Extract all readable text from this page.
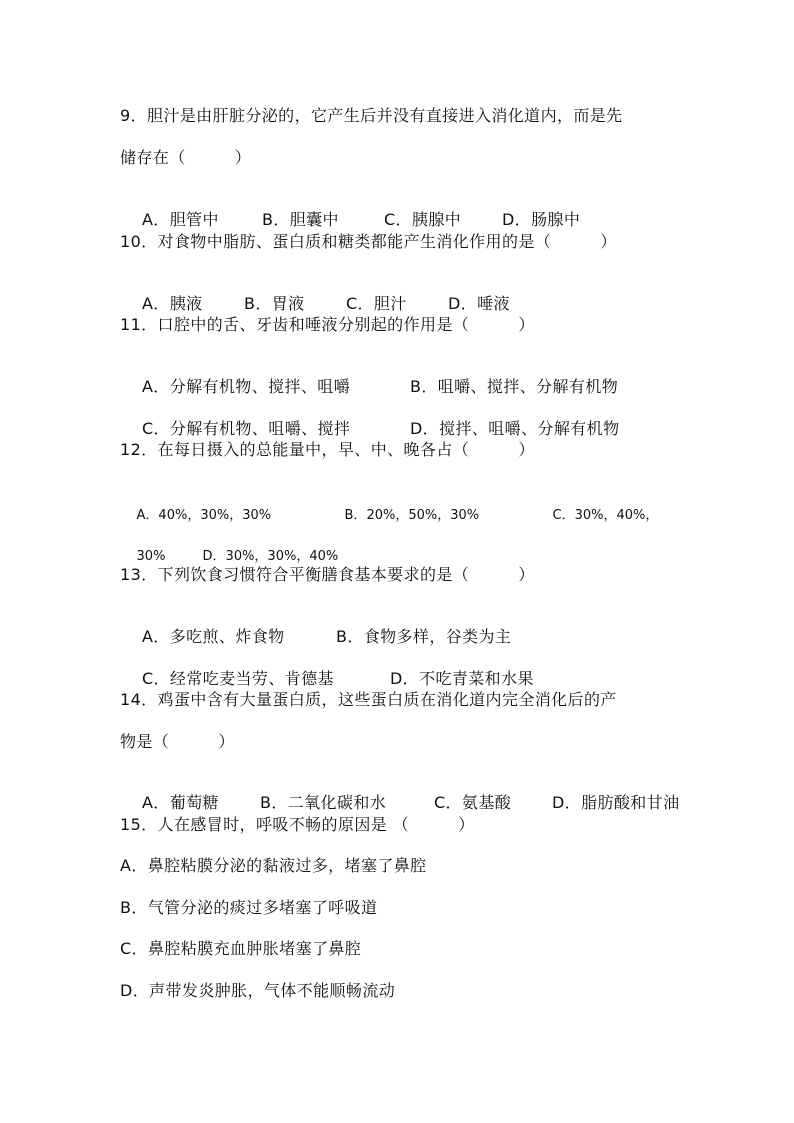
9．胆汁是由肝脏分泌的，它产生后并没有直接进入消化道内，而是先
储存在（　　　）

A．胆管中	B．胆囊中	C．胰腺中	D．肠腺中

10．对食物中脂肪、蛋白质和糖类都能产生消化作用的是（　　　）

A．胰液	B．胃液	C．胆汁	D．唾液

11．口腔中的舌、牙齿和唾液分别起的作用是（　　　）

A．分解有机物、搅拌、咀嚼	B．咀嚼、搅拌、分解有机物

C．分解有机物、咀嚼、搅拌	D．搅拌、咀嚼、分解有机物

12．在每日摄入的总能量中，早、中、晚各占（　　　）

A．40%，30%，30%	B．20%，50%，30%	C．30%，40%，

30%	D．30%，30%，40%

13．下列饮食习惯符合平衡膳食基本要求的是（　　　）

A．多吃煎、炸食物	B．食物多样，谷类为主

C．经常吃麦当劳、肯德基	D．不吃青菜和水果

14．鸡蛋中含有大量蛋白质，这些蛋白质在消化道内完全消化后的产
物是（　　　）

A．葡萄糖	B．二氧化碳和水	C．氨基酸	D．脂肪酸和甘油

15．人在感冒时，呼吸不畅的原因是 （　　　）
A．鼻腔粘膜分泌的黏液过多，堵塞了鼻腔
B．气管分泌的痰过多堵塞了呼吸道
C．鼻腔粘膜充血肿胀堵塞了鼻腔
D．声带发炎肿胀，气体不能顺畅流动
